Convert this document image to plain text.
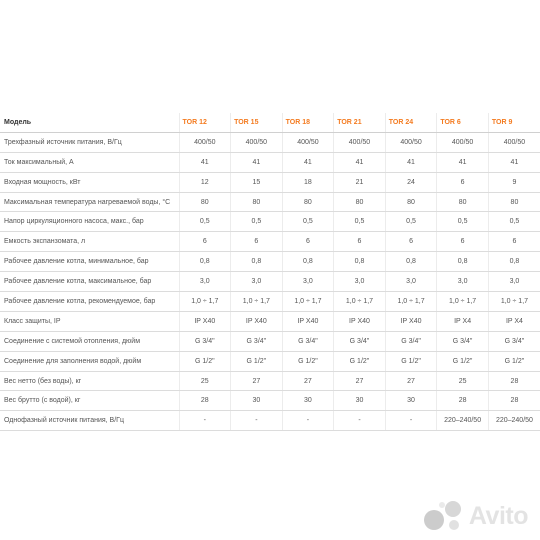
Модель	TOR 12	TOR 15	TOR 18	TOR 21	TOR 24	TOR 6	TOR 9
Трехфазный источник питания, В/Гц	400/50	400/50	400/50	400/50	400/50	400/50	400/50
Ток максимальный, А	41	41	41	41	41	41	41
Входная мощность, кВт	12	15	18	21	24	6	9
Максимальная температура нагреваемой воды, °С	80	80	80	80	80	80	80
Напор циркуляционного насоса, макс., бар	0,5	0,5	0,5	0,5	0,5	0,5	0,5
Емкость экспанзомата, л	6	6	6	6	6	6	6
Рабочее давление котла, минимальное, бар	0,8	0,8	0,8	0,8	0,8	0,8	0,8
Рабочее давление котла, максимальное, бар	3,0	3,0	3,0	3,0	3,0	3,0	3,0
Рабочее давление котла, рекомендуемое, бар	1,0 ÷ 1,7	1,0 ÷ 1,7	1,0 ÷ 1,7	1,0 ÷ 1,7	1,0 ÷ 1,7	1,0 ÷ 1,7	1,0 ÷ 1,7
Класс защиты, IP	IP X40	IP X40	IP X40	IP X40	IP X40	IP X4	IP X4
Соединение с системой отопления, дюйм	G 3/4"	G 3/4"	G 3/4"	G 3/4"	G 3/4"	G 3/4"	G 3/4"
Соединение для заполнения водой, дюйм	G 1/2"	G 1/2"	G 1/2"	G 1/2"	G 1/2"	G 1/2"	G 1/2"
Вес нетто (без воды), кг	25	27	27	27	27	25	28
Вес брутто (с водой), кг	28	30	30	30	30	28	28
Однофазный источник питания, В/Гц	-	-	-	-	-	220–240/50	220–240/50
Avito
